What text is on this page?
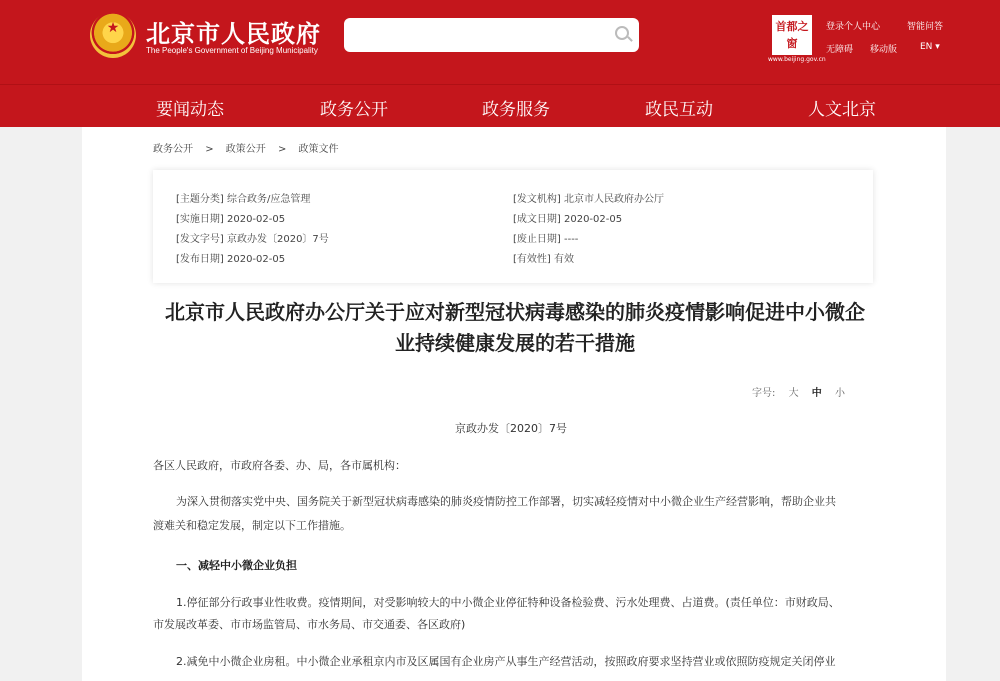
★	北京市人民政府
The People's Government of Beijing Municipality
首都之窗
www.beijing.gov.cn
登录个人中心	智能问答
无障碍 移动版	EN ▾
要闻动态	政务公开	政务服务	政民互动	人文北京
政务公开 > 政策公开 > 政策文件
[主题分类] 综合政务/应急管理	[发文机构] 北京市人民政府办公厅
[实施日期] 2020-02-05	[成文日期] 2020-02-05
[发文字号] 京政办发〔2020〕7号	[废止日期] ----
[发布日期] 2020-02-05	[有效性] 有效
北京市人民政府办公厅关于应对新型冠状病毒感染的肺炎疫情影响促进中小微企
业持续健康发展的若干措施
字号: 大 中 小
京政办发〔2020〕7号
各区人民政府，市政府各委、办、局，各市属机构：
为深入贯彻落实党中央、国务院关于新型冠状病毒感染的肺炎疫情防控工作部署，切实减轻疫情对中小微企业生产经营影响，帮助企业共
渡难关和稳定发展，制定以下工作措施。
一、减轻中小微企业负担
1.停征部分行政事业性收费。疫情期间，对受影响较大的中小微企业停征特种设备检验费、污水处理费、占道费。(责任单位：市财政局、
市发展改革委、市市场监管局、市水务局、市交通委、各区政府)
2.减免中小微企业房租。中小微企业承租京内市及区属国有企业房产从事生产经营活动，按照政府要求坚持营业或依照防疫规定关闭停业
